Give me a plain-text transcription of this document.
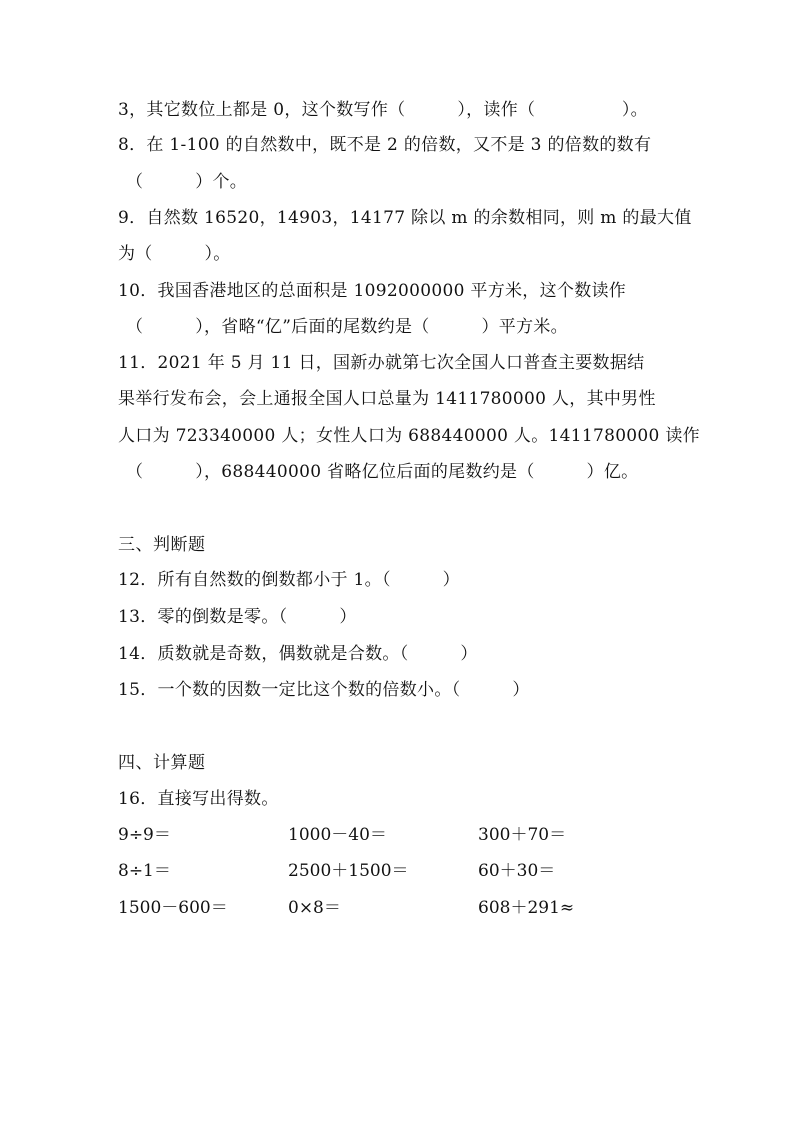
3，其它数位上都是 0，这个数写作（　　　），读作（　　　　　）。
8．在 1-100 的自然数中，既不是 2 的倍数，又不是 3 的倍数的数有
（　　　）个。
9．自然数 16520，14903，14177 除以 m 的余数相同，则 m 的最大值
为（　　　）。
10．我国香港地区的总面积是 1092000000 平方米，这个数读作
（　　　），省略“亿”后面的尾数约是（　　　）平方米。
11．2021 年 5 月 11 日，国新办就第七次全国人口普查主要数据结
果举行发布会，会上通报全国人口总量为 1411780000 人，其中男性
人口为 723340000 人；女性人口为 688440000 人。1411780000 读作
（　　　），688440000 省略亿位后面的尾数约是（　　　）亿。
三、判断题
12．所有自然数的倒数都小于 1。（　　　）
13．零的倒数是零。（　　　）
14．质数就是奇数，偶数就是合数。（　　　）
15．一个数的因数一定比这个数的倍数小。（　　　）
四、计算题
16．直接写出得数。
9÷9＝	1000－40＝	300＋70＝
8÷1＝	2500＋1500＝	60＋30＝
1500－600＝	0×8＝	608＋291≈
